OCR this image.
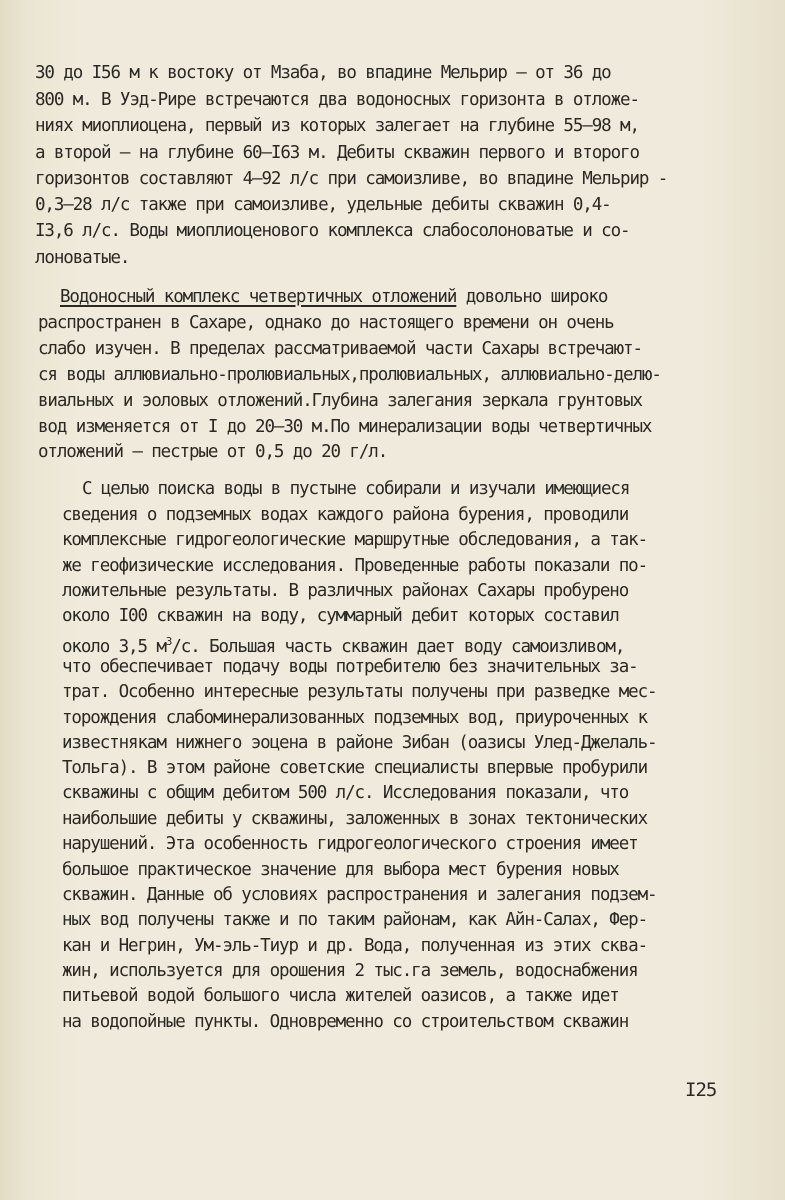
30 до I56 м к востоку от Мзаба, во впадине Мельрир – от 36 до
800 м. В Уэд-Рире встречаются два водоносных горизонта в отложе-
ниях миоплиоцена, первый из которых залегает на глубине 55–98 м,
а второй – на глубине 60–I63 м. Дебиты скважин первого и второго
горизонтов составляют 4–92 л/с при самоизливе, во впадине Мельрир -
0,3–28 л/с также при самоизливе, удельные дебиты скважин 0,4-
I3,6 л/с. Воды миоплиоценового комплекса слабосолоноватые и со-
лоноватые.
Водоносный комплекс четвертичных отложений довольно широко
распространен в Сахаре, однако до настоящего времени он очень
слабо изучен. В пределах рассматриваемой части Сахары встречают-
ся воды аллювиально-пролювиальных,пролювиальных, аллювиально-делю-
виальных и эоловых отложений.Глубина залегания зеркала грунтовых
вод изменяется от I до 20–30 м.По минерализации воды четвертичных
отложений – пестрые от 0,5 до 20 г/л.
С целью поиска воды в пустыне собирали и изучали имеющиеся
сведения о подземных водах каждого района бурения, проводили
комплексные гидрогеологические маршрутные обследования, а так-
же геофизические исследования. Проведенные работы показали по-
ложительные результаты. В различных районах Сахары пробурено
около I00 скважин на воду, суммарный дебит которых составил
около 3,5 $м^3/с$. Большая часть скважин дает воду самоизливом,
что обеспечивает подачу воды потребителю без значительных за-
трат. Особенно интересные результаты получены при разведке мес-
торождения слабоминерализованных подземных вод, приуроченных к
известнякам нижнего эоцена в районе Зибан (оазисы Улед-Джелаль-
Тольга). В этом районе советские специалисты впервые пробурили
скважины с общим дебитом 500 л/с. Исследования показали, что
наибольшие дебиты у скважины, заложенных в зонах тектонических
нарушений. Эта особенность гидрогеологического строения имеет
большое практическое значение для выбора мест бурения новых
скважин. Данные об условиях распространения и залегания подзем-
ных вод получены также и по таким районам, как Айн-Салах, Фер-
кан и Негрин, Ум-эль-Тиур и др. Вода, полученная из этих сква-
жин, используется для орошения 2 тыс.га земель, водоснабжения
питьевой водой большого числа жителей оазисов, а также идет
на водопойные пункты. Одновременно со строительством скважин
I25
